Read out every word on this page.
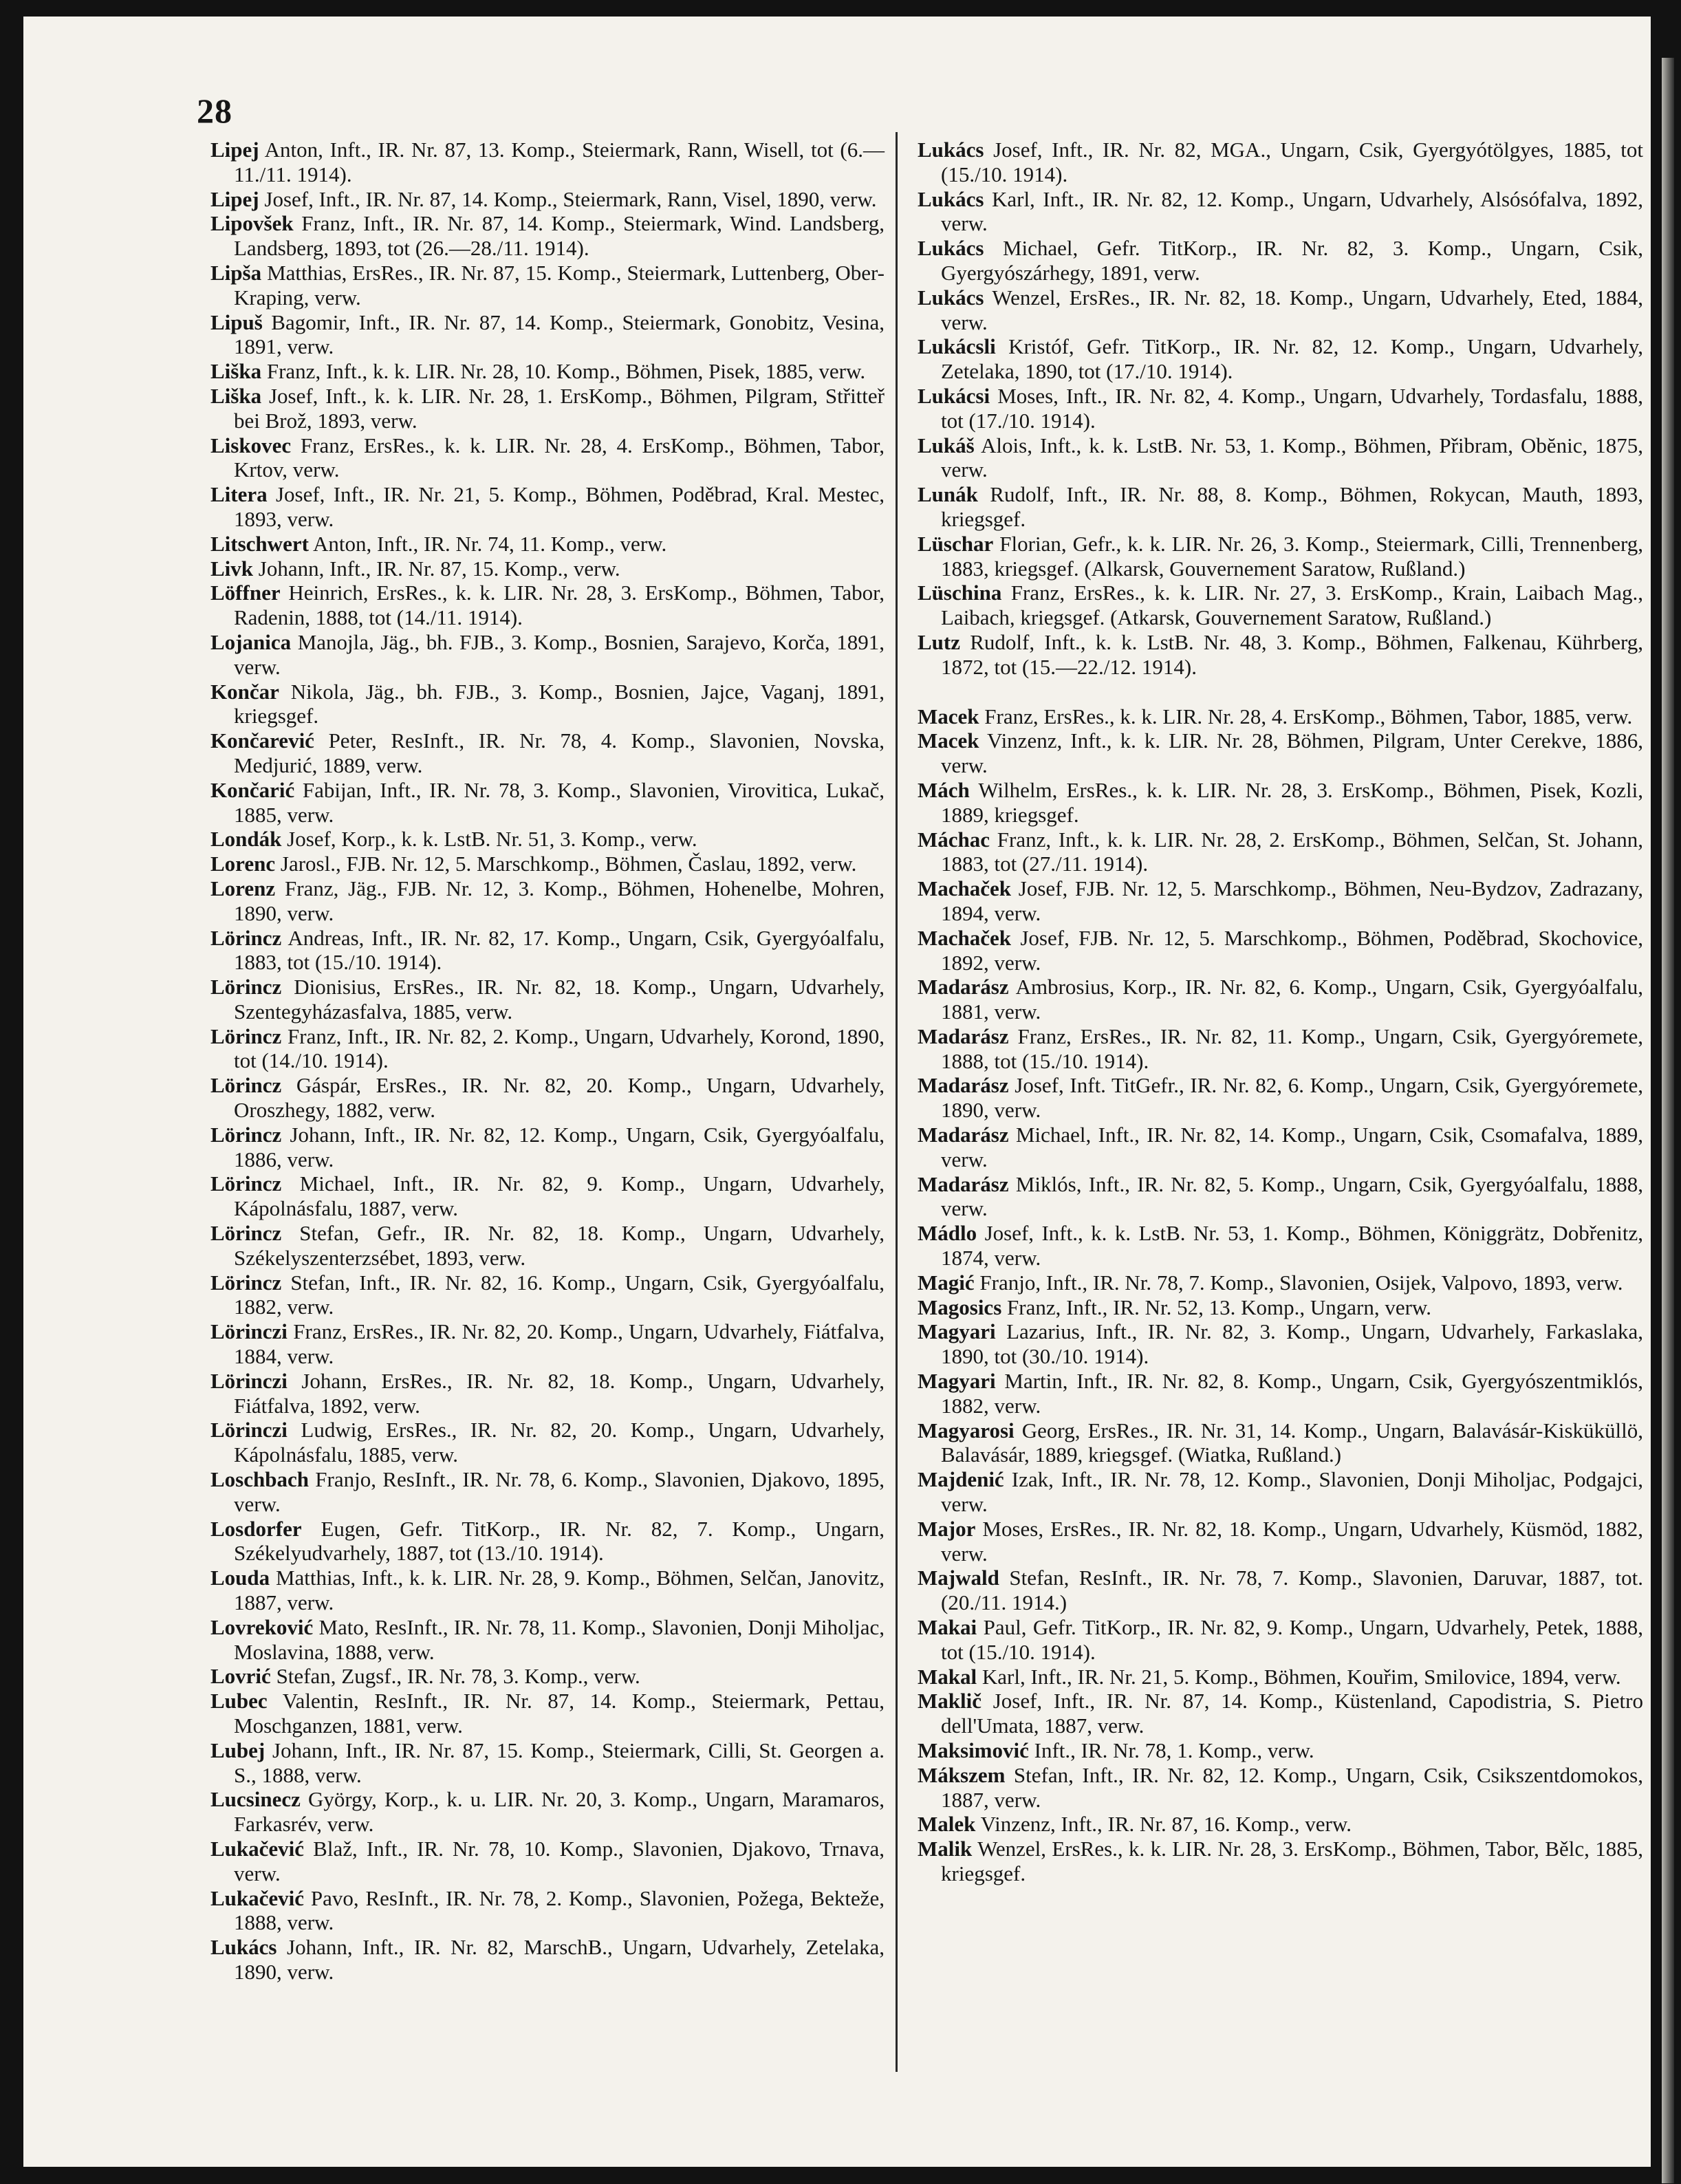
28
Lipej Anton, Inft., IR. Nr. 87, 13. Komp., Steiermark, Rann, Wisell, tot (6.—11./11. 1914).
Lipej Josef, Inft., IR. Nr. 87, 14. Komp., Steiermark, Rann, Visel, 1890, verw.
Lipovšek Franz, Inft., IR. Nr. 87, 14. Komp., Steiermark, Wind. Landsberg, Landsberg, 1893, tot (26.—28./11. 1914).
Lipša Matthias, ErsRes., IR. Nr. 87, 15. Komp., Steiermark, Luttenberg, Ober-Kraping, verw.
Lipuš Bagomir, Inft., IR. Nr. 87, 14. Komp., Steiermark, Gonobitz, Vesina, 1891, verw.
Liška Franz, Inft., k. k. LIR. Nr. 28, 10. Komp., Böhmen, Pisek, 1885, verw.
Liška Josef, Inft., k. k. LIR. Nr. 28, 1. ErsKomp., Böhmen, Pilgram, Střitteř bei Brož, 1893, verw.
Liskovec Franz, ErsRes., k. k. LIR. Nr. 28, 4. ErsKomp., Böhmen, Tabor, Krtov, verw.
Litera Josef, Inft., IR. Nr. 21, 5. Komp., Böhmen, Poděbrad, Kral. Mestec, 1893, verw.
Litschwert Anton, Inft., IR. Nr. 74, 11. Komp., verw.
Livk Johann, Inft., IR. Nr. 87, 15. Komp., verw.
Löffner Heinrich, ErsRes., k. k. LIR. Nr. 28, 3. ErsKomp., Böhmen, Tabor, Radenin, 1888, tot (14./11. 1914).
Lojanica Manojla, Jäg., bh. FJB., 3. Komp., Bosnien, Sarajevo, Korča, 1891, verw.
Končar Nikola, Jäg., bh. FJB., 3. Komp., Bosnien, Jajce, Vaganj, 1891, kriegsgef.
Končarević Peter, ResInft., IR. Nr. 78, 4. Komp., Slavonien, Novska, Medjurić, 1889, verw.
Končarić Fabijan, Inft., IR. Nr. 78, 3. Komp., Slavonien, Virovitica, Lukač, 1885, verw.
Londák Josef, Korp., k. k. LstB. Nr. 51, 3. Komp., verw.
Lorenc Jarosl., FJB. Nr. 12, 5. Marschkomp., Böhmen, Časlau, 1892, verw.
Lorenz Franz, Jäg., FJB. Nr. 12, 3. Komp., Böhmen, Hohenelbe, Mohren, 1890, verw.
Lörincz Andreas, Inft., IR. Nr. 82, 17. Komp., Ungarn, Csik, Gyergyóalfalu, 1883, tot (15./10. 1914).
Lörincz Dionisius, ErsRes., IR. Nr. 82, 18. Komp., Ungarn, Udvarhely, Szentegyházasfalva, 1885, verw.
Lörincz Franz, Inft., IR. Nr. 82, 2. Komp., Ungarn, Udvarhely, Korond, 1890, tot (14./10. 1914).
Lörincz Gáspár, ErsRes., IR. Nr. 82, 20. Komp., Ungarn, Udvarhely, Oroszhegy, 1882, verw.
Lörincz Johann, Inft., IR. Nr. 82, 12. Komp., Ungarn, Csik, Gyergyóalfalu, 1886, verw.
Lörincz Michael, Inft., IR. Nr. 82, 9. Komp., Ungarn, Udvarhely, Kápolnásfalu, 1887, verw.
Lörincz Stefan, Gefr., IR. Nr. 82, 18. Komp., Ungarn, Udvarhely, Székelyszenterzsébet, 1893, verw.
Lörincz Stefan, Inft., IR. Nr. 82, 16. Komp., Ungarn, Csik, Gyergyóalfalu, 1882, verw.
Lörinczi Franz, ErsRes., IR. Nr. 82, 20. Komp., Ungarn, Udvarhely, Fiátfalva, 1884, verw.
Lörinczi Johann, ErsRes., IR. Nr. 82, 18. Komp., Ungarn, Udvarhely, Fiátfalva, 1892, verw.
Lörinczi Ludwig, ErsRes., IR. Nr. 82, 20. Komp., Ungarn, Udvarhely, Kápolnásfalu, 1885, verw.
Loschbach Franjo, ResInft., IR. Nr. 78, 6. Komp., Slavonien, Djakovo, 1895, verw.
Losdorfer Eugen, Gefr. TitKorp., IR. Nr. 82, 7. Komp., Ungarn, Székelyudvarhely, 1887, tot (13./10. 1914).
Louda Matthias, Inft., k. k. LIR. Nr. 28, 9. Komp., Böhmen, Selčan, Janovitz, 1887, verw.
Lovreković Mato, ResInft., IR. Nr. 78, 11. Komp., Slavonien, Donji Miholjac, Moslavina, 1888, verw.
Lovrić Stefan, Zugsf., IR. Nr. 78, 3. Komp., verw.
Lubec Valentin, ResInft., IR. Nr. 87, 14. Komp., Steiermark, Pettau, Moschganzen, 1881, verw.
Lubej Johann, Inft., IR. Nr. 87, 15. Komp., Steiermark, Cilli, St. Georgen a. S., 1888, verw.
Lucsinecz György, Korp., k. u. LIR. Nr. 20, 3. Komp., Ungarn, Maramaros, Farkasrév, verw.
Lukačević Blaž, Inft., IR. Nr. 78, 10. Komp., Slavonien, Djakovo, Trnava, verw.
Lukačević Pavo, ResInft., IR. Nr. 78, 2. Komp., Slavonien, Požega, Bektеže, 1888, verw.
Lukács Johann, Inft., IR. Nr. 82, MarschB., Ungarn, Udvarhely, Zetelaka, 1890, verw.
Lukács Josef, Inft., IR. Nr. 82, MGA., Ungarn, Csik, Gyergyótölgyes, 1885, tot (15./10. 1914).
Lukács Karl, Inft., IR. Nr. 82, 12. Komp., Ungarn, Udvarhely, Alsósófalva, 1892, verw.
Lukács Michael, Gefr. TitKorp., IR. Nr. 82, 3. Komp., Ungarn, Csik, Gyergyószárhegy, 1891, verw.
Lukács Wenzel, ErsRes., IR. Nr. 82, 18. Komp., Ungarn, Udvarhely, Eted, 1884, verw.
Lukácsli Kristóf, Gefr. TitKorp., IR. Nr. 82, 12. Komp., Ungarn, Udvarhely, Zetelaka, 1890, tot (17./10. 1914).
Lukácsi Moses, Inft., IR. Nr. 82, 4. Komp., Ungarn, Udvarhely, Tordasfalu, 1888, tot (17./10. 1914).
Lukáš Alois, Inft., k. k. LstB. Nr. 53, 1. Komp., Böhmen, Přibram, Obĕnic, 1875, verw.
Lunák Rudolf, Inft., IR. Nr. 88, 8. Komp., Böhmen, Rokycan, Mauth, 1893, kriegsgef.
Lüschar Florian, Gefr., k. k. LIR. Nr. 26, 3. Komp., Steiermark, Cilli, Trennenberg, 1883, kriegsgef. (Alkarsk, Gouvernement Saratow, Rußland.)
Lüschina Franz, ErsRes., k. k. LIR. Nr. 27, 3. ErsKomp., Krain, Laibach Mag., Laibach, kriegsgef. (Atkarsk, Gouvernement Saratow, Rußland.)
Lutz Rudolf, Inft., k. k. LstB. Nr. 48, 3. Komp., Böhmen, Falkenau, Kührberg, 1872, tot (15.—22./12. 1914).
Macek Franz, ErsRes., k. k. LIR. Nr. 28, 4. ErsKomp., Böhmen, Tabor, 1885, verw.
Macek Vinzenz, Inft., k. k. LIR. Nr. 28, Böhmen, Pilgram, Unter Cerekve, 1886, verw.
Mách Wilhelm, ErsRes., k. k. LIR. Nr. 28, 3. ErsKomp., Böhmen, Pisek, Kozli, 1889, kriegsgef.
Máchac Franz, Inft., k. k. LIR. Nr. 28, 2. ErsKomp., Böhmen, Selčan, St. Johann, 1883, tot (27./11. 1914).
Machaček Josef, FJB. Nr. 12, 5. Marschkomp., Böhmen, Neu-Bydzov, Zadrazany, 1894, verw.
Machaček Josef, FJB. Nr. 12, 5. Marschkomp., Böhmen, Poděbrad, Skochovice, 1892, verw.
Madarász Ambrosius, Korp., IR. Nr. 82, 6. Komp., Ungarn, Csik, Gyergyóalfalu, 1881, verw.
Madarász Franz, ErsRes., IR. Nr. 82, 11. Komp., Ungarn, Csik, Gyergyóremete, 1888, tot (15./10. 1914).
Madarász Josef, Inft. TitGefr., IR. Nr. 82, 6. Komp., Ungarn, Csik, Gyergyóremete, 1890, verw.
Madarász Michael, Inft., IR. Nr. 82, 14. Komp., Ungarn, Csik, Csomafalva, 1889, verw.
Madarász Miklós, Inft., IR. Nr. 82, 5. Komp., Ungarn, Csik, Gyergyóalfalu, 1888, verw.
Mádlo Josef, Inft., k. k. LstB. Nr. 53, 1. Komp., Böhmen, Königgrätz, Dobřenitz, 1874, verw.
Magić Franjo, Inft., IR. Nr. 78, 7. Komp., Slavonien, Osijek, Valpovo, 1893, verw.
Magosics Franz, Inft., IR. Nr. 52, 13. Komp., Ungarn, verw.
Magyari Lazarius, Inft., IR. Nr. 82, 3. Komp., Ungarn, Udvarhely, Farkaslaka, 1890, tot (30./10. 1914).
Magyari Martin, Inft., IR. Nr. 82, 8. Komp., Ungarn, Csik, Gyergyószentmiklós, 1882, verw.
Magyarosi Georg, ErsRes., IR. Nr. 31, 14. Komp., Ungarn, Balavásár-Kisküküllö, Balavásár, 1889, kriegsgef. (Wiatka, Rußland.)
Majdenić Izak, Inft., IR. Nr. 78, 12. Komp., Slavonien, Donji Miholjac, Podgajci, verw.
Major Moses, ErsRes., IR. Nr. 82, 18. Komp., Ungarn, Udvarhely, Küsmöd, 1882, verw.
Majwald Stefan, ResInft., IR. Nr. 78, 7. Komp., Slavonien, Daruvar, 1887, tot. (20./11. 1914.)
Makai Paul, Gefr. TitKorp., IR. Nr. 82, 9. Komp., Ungarn, Udvarhely, Petek, 1888, tot (15./10. 1914).
Makal Karl, Inft., IR. Nr. 21, 5. Komp., Böhmen, Kouřim, Smilovice, 1894, verw.
Maklič Josef, Inft., IR. Nr. 87, 14. Komp., Küstenland, Capodistria, S. Pietro dell'Umata, 1887, verw.
Maksimović Inft., IR. Nr. 78, 1. Komp., verw.
Mákszem Stefan, Inft., IR. Nr. 82, 12. Komp., Ungarn, Csik, Csikszentdomokos, 1887, verw.
Malek Vinzenz, Inft., IR. Nr. 87, 16. Komp., verw.
Malik Wenzel, ErsRes., k. k. LIR. Nr. 28, 3. ErsKomp., Böhmen, Tabor, Bělc, 1885, kriegsgef.
